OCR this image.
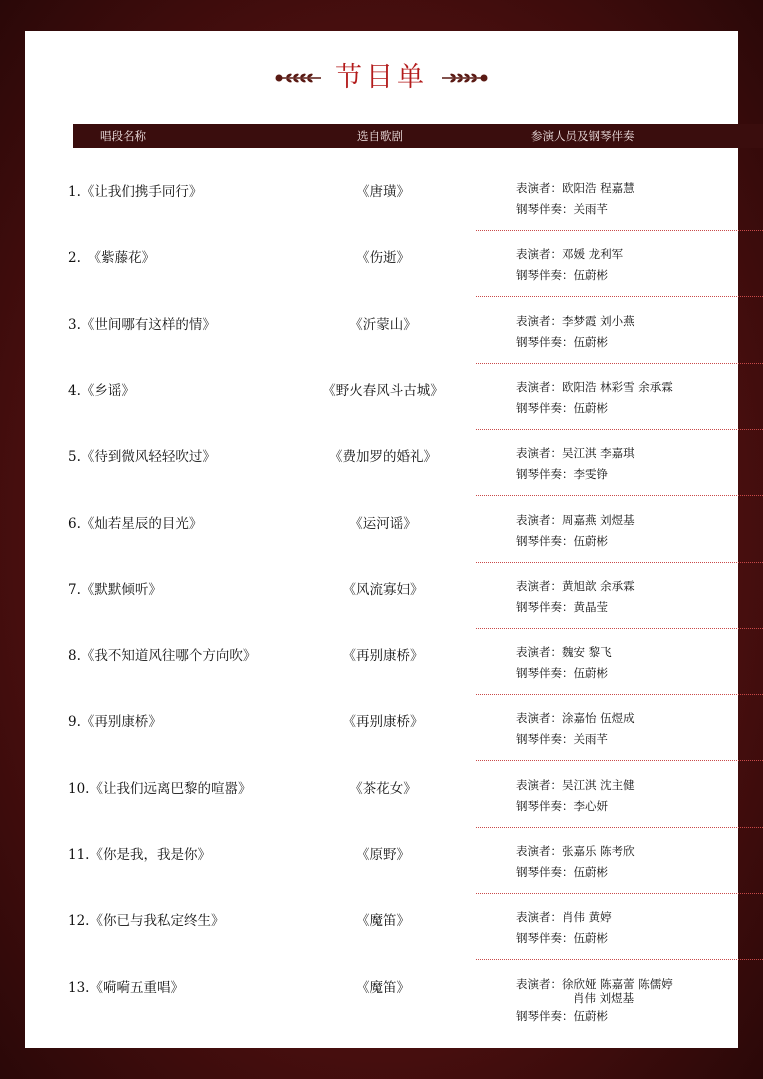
节目单
唱段名称	选自歌剧	参演人员及钢琴伴奏
1.《让我们携手同行》	《唐璜》	表演者：欧阳浩 程嘉慧
钢琴伴奏：关雨芊
2.　《紫藤花》	《伤逝》	表演者：邓媛 龙利军
钢琴伴奏：伍蔚彬
3.《世间哪有这样的情》	《沂蒙山》	表演者：李梦霞 刘小燕
钢琴伴奏：伍蔚彬
4.《乡谣》	《野火春风斗古城》	表演者：欧阳浩 林彩雪 余承霖
钢琴伴奏：伍蔚彬
5.《待到微风轻轻吹过》	《费加罗的婚礼》	表演者：吴江淇 李嘉琪
钢琴伴奏：李雯铮
6.《灿若星辰的目光》	《运河谣》	表演者：周嘉燕 刘煜基
钢琴伴奏：伍蔚彬
7.《默默倾听》	《风流寡妇》	表演者：黄旭歆 余承霖
钢琴伴奏：黄晶莹
8.《我不知道风往哪个方向吹》	《再别康桥》	表演者：魏安 黎飞
钢琴伴奏：伍蔚彬
9.《再别康桥》	《再别康桥》	表演者：涂嘉怡 伍煜成
钢琴伴奏：关雨芊
10.《让我们远离巴黎的喧嚣》	《茶花女》	表演者：吴江淇 沈主健
钢琴伴奏：李心妍
11.《你是我，我是你》	《原野》	表演者：张嘉乐 陈考欣
钢琴伴奏：伍蔚彬
12.《你已与我私定终生》	《魔笛》	表演者：肖伟 黄婷
钢琴伴奏：伍蔚彬
13.《嗬嗬五重唱》	《魔笛》	表演者：徐欣娅 陈嘉蕾 陈儒婷
肖伟 刘煜基
钢琴伴奏：伍蔚彬
